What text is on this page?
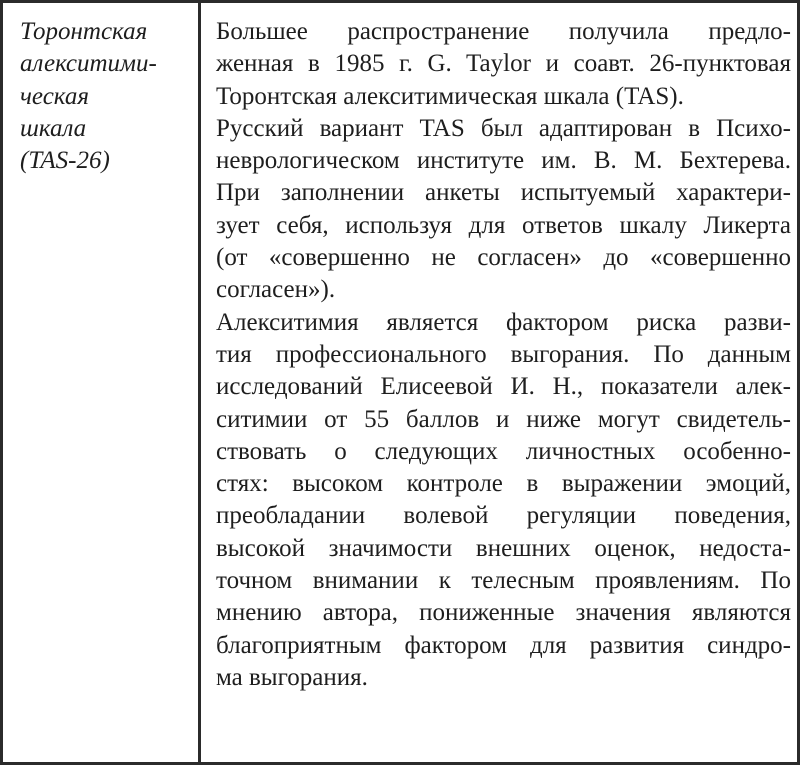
Торонтская
алекситими-
ческая
шкала
(TAS-26)

Большее распространение получила предло-
женная в 1985 г. G. Taylor и соавт. 26-пунктовая
Торонтская алекситимическая шкала (TAS).
Русский вариант TAS был адаптирован в Психо-
неврологическом институте им. В. М. Бехтерева.
При заполнении анкеты испытуемый характери-
зует себя, используя для ответов шкалу Ликерта
(от «совершенно не согласен» до «совершенно
согласен»).
Алекситимия является фактором риска разви-
тия профессионального выгорания. По данным
исследований Елисеевой И. Н., показатели алек-
ситимии от 55 баллов и ниже могут свидетель-
ствовать о следующих личностных особенно-
стях: высоком контроле в выражении эмоций,
преобладании волевой регуляции поведения,
высокой значимости внешних оценок, недоста-
точном внимании к телесным проявлениям. По
мнению автора, пониженные значения являются
благоприятным фактором для развития синдро-
ма выгорания.
